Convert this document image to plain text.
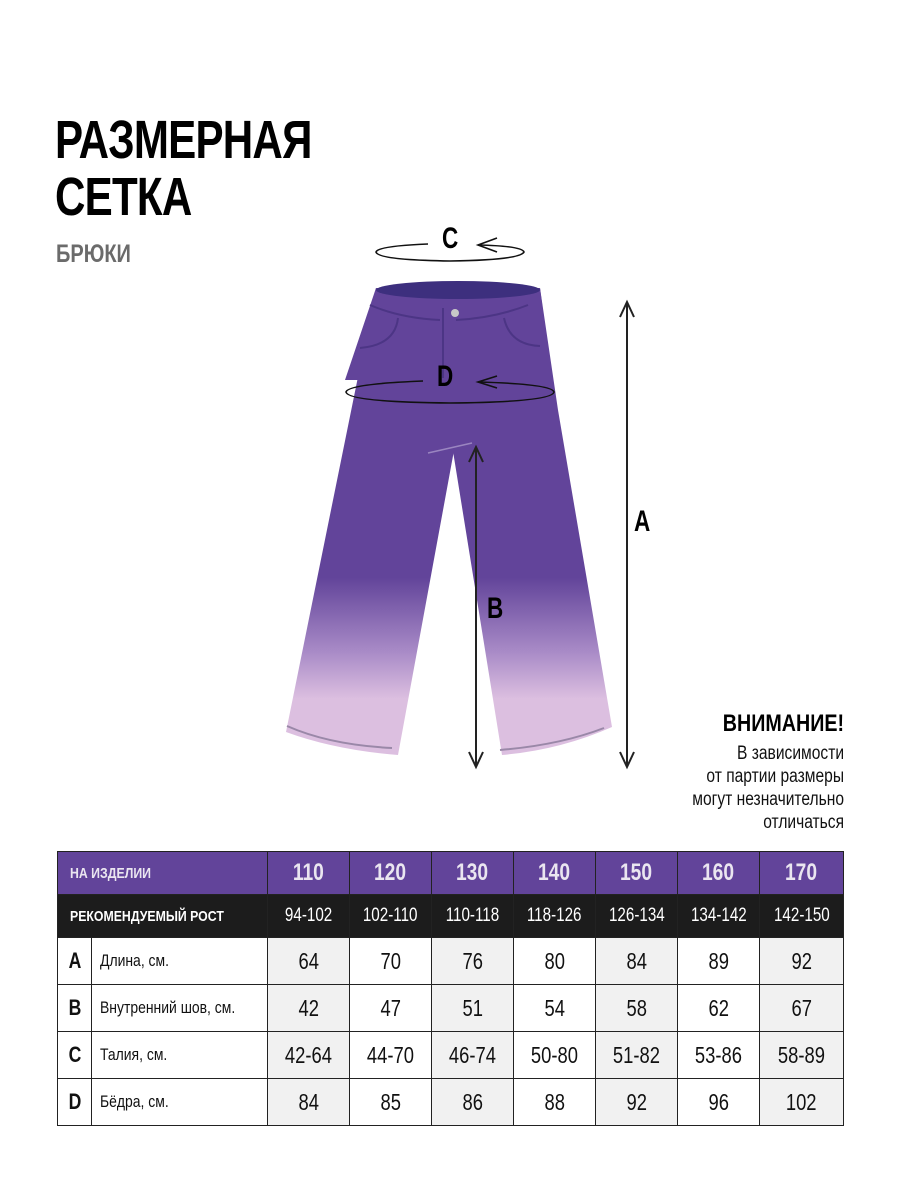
РАЗМЕРНАЯ
СЕТКА
БРЮКИ	C
D
B
A
ВНИМАНИЕ!
В зависимости
от партии размеры
могут незначительно
отличаться
НА ИЗДЕЛИИ		110	120	130	140	150	160	170
РЕКОМЕНДУЕМЫЙ РОСТ		94-102	102-110	110-118	118-126	126-134	134-142	142-150
A	Длина, см.	64	70	76	80	84	89	92
B	Внутренний шов, см.	42	47	51	54	58	62	67
C	Талия, см.	42-64	44-70	46-74	50-80	51-82	53-86	58-89
D	Бёдра, см.	84	85	86	88	92	96	102
